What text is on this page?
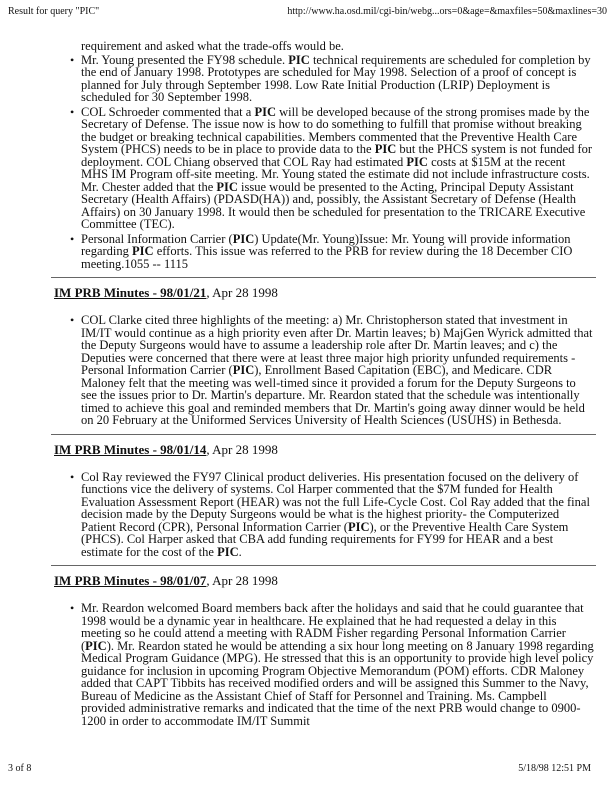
Result for query "PIC"	http://www.ha.osd.mil/cgi-bin/webg...ors=0&age=&maxfiles=50&maxlines=30
requirement and asked what the trade-offs would be.
• Mr. Young presented the FY98 schedule. PIC technical requirements are scheduled for completion by the end of January 1998. Prototypes are scheduled for May 1998. Selection of a proof of concept is planned for July through September 1998. Low Rate Initial Production (LRIP) Deployment is scheduled for 30 September 1998.
• COL Schroeder commented that a PIC will be developed because of the strong promises made by the Secretary of Defense. The issue now is how to do something to fulfill that promise without breaking the budget or breaking technical capabilities. Members commented that the Preventive Health Care System (PHCS) needs to be in place to provide data to the PIC but the PHCS system is not funded for deployment. COL Chiang observed that COL Ray had estimated PIC costs at $15M at the recent MHS IM Program off-site meeting. Mr. Young stated the estimate did not include infrastructure costs. Mr. Chester added that the PIC issue would be presented to the Acting, Principal Deputy Assistant Secretary (Health Affairs) (PDASD(HA)) and, possibly, the Assistant Secretary of Defense (Health Affairs) on 30 January 1998. It would then be scheduled for presentation to the TRICARE Executive Committee (TEC).
• Personal Information Carrier (PIC) Update(Mr. Young)Issue: Mr. Young will provide information regarding PIC efforts. This issue was referred to the PRB for review during the 18 December CIO meeting.1055 -- 1115
IM PRB Minutes - 98/01/21, Apr 28 1998
• COL Clarke cited three highlights of the meeting: a) Mr. Christopherson stated that investment in IM/IT would continue as a high priority even after Dr. Martin leaves; b) MajGen Wyrick admitted that the Deputy Surgeons would have to assume a leadership role after Dr. Martin leaves; and c) the Deputies were concerned that there were at least three major high priority unfunded requirements - Personal Information Carrier (PIC), Enrollment Based Capitation (EBC), and Medicare. CDR Maloney felt that the meeting was well-timed since it provided a forum for the Deputy Surgeons to see the issues prior to Dr. Martin's departure. Mr. Reardon stated that the schedule was intentionally timed to achieve this goal and reminded members that Dr. Martin's going away dinner would be held on 20 February at the Uniformed Services University of Health Sciences (USUHS) in Bethesda.
IM PRB Minutes - 98/01/14, Apr 28 1998
• Col Ray reviewed the FY97 Clinical product deliveries. His presentation focused on the delivery of functions vice the delivery of systems. Col Harper commented that the $7M funded for Health Evaluation Assessment Report (HEAR) was not the full Life-Cycle Cost. Col Ray added that the final decision made by the Deputy Surgeons would be what is the highest priority- the Computerized Patient Record (CPR), Personal Information Carrier (PIC), or the Preventive Health Care System (PHCS). Col Harper asked that CBA add funding requirements for FY99 for HEAR and a best estimate for the cost of the PIC.
IM PRB Minutes - 98/01/07, Apr 28 1998
• Mr. Reardon welcomed Board members back after the holidays and said that he could guarantee that 1998 would be a dynamic year in healthcare. He explained that he had requested a delay in this meeting so he could attend a meeting with RADM Fisher regarding Personal Information Carrier (PIC). Mr. Reardon stated he would be attending a six hour long meeting on 8 January 1998 regarding Medical Program Guidance (MPG). He stressed that this is an opportunity to provide high level policy guidance for inclusion in upcoming Program Objective Memorandum (POM) efforts. CDR Maloney added that CAPT Tibbits has received modified orders and will be assigned this Summer to the Navy, Bureau of Medicine as the Assistant Chief of Staff for Personnel and Training. Ms. Campbell provided administrative remarks and indicated that the time of the next PRB would change to 0900-1200 in order to accommodate IM/IT Summit
3 of 8	5/18/98 12:51 PM
